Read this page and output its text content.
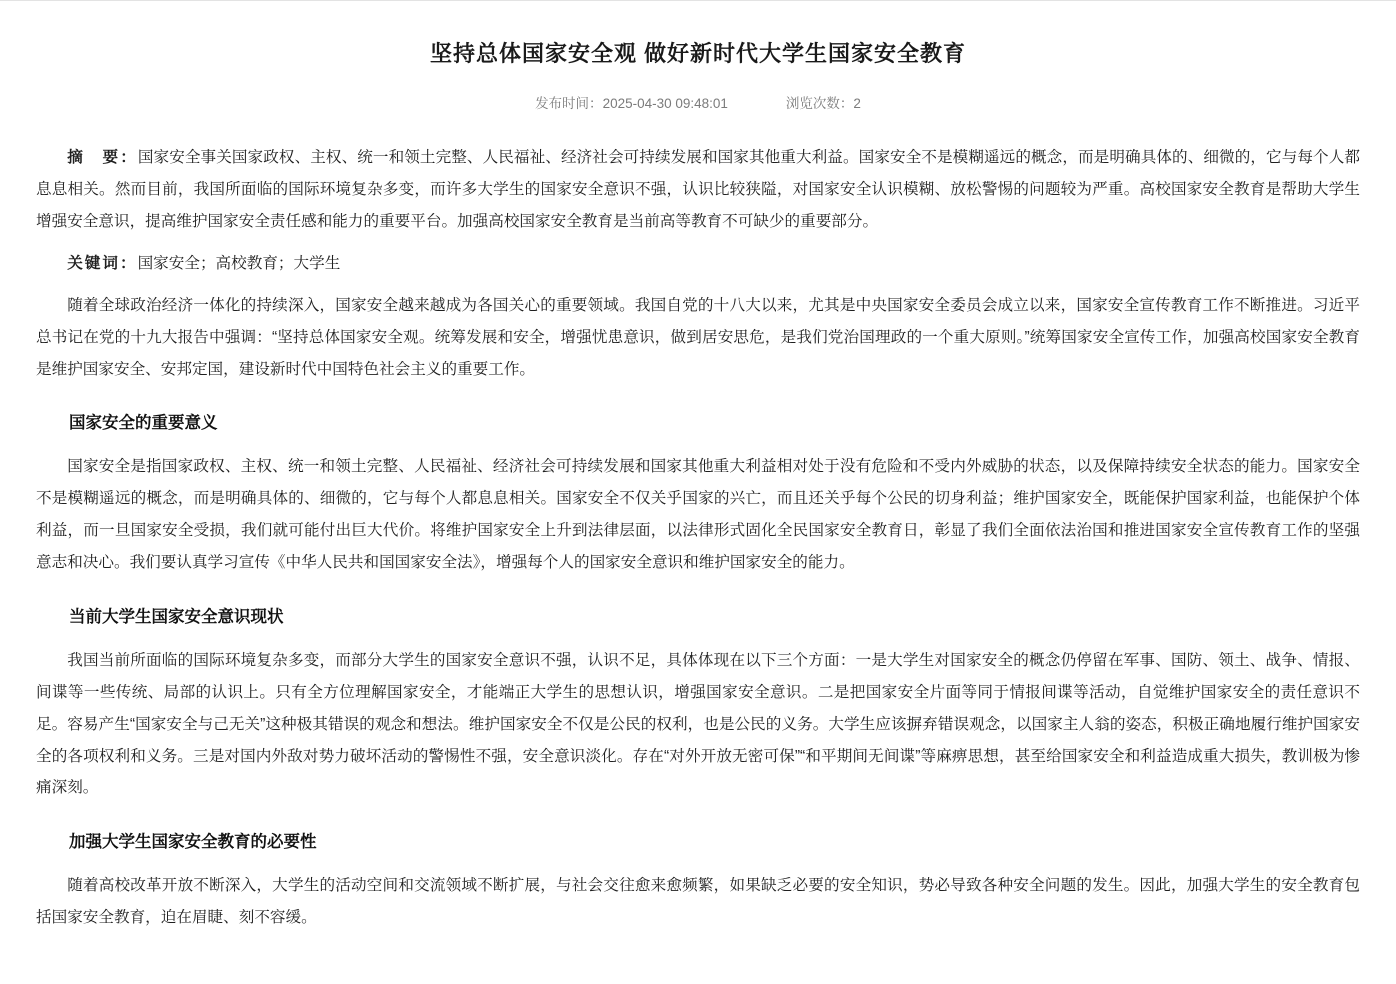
坚持总体国家安全观 做好新时代大学生国家安全教育
发布时间：2025-04-30 09:48:01	浏览次数：2

摘　要：国家安全事关国家政权、主权、统一和领土完整、人民福祉、经济社会可持续发展和国家其他重大利益。国家安全不是模糊遥远的概念，而是明确具体的、细微的，它与每个人都息息相关。然而目前，我国所面临的国际环境复杂多变，而许多大学生的国家安全意识不强，认识比较狭隘，对国家安全认识模糊、放松警惕的问题较为严重。高校国家安全教育是帮助大学生增强安全意识，提高维护国家安全责任感和能力的重要平台。加强高校国家安全教育是当前高等教育不可缺少的重要部分。

关键词：国家安全；高校教育；大学生

随着全球政治经济一体化的持续深入，国家安全越来越成为各国关心的重要领域。我国自党的十八大以来，尤其是中央国家安全委员会成立以来，国家安全宣传教育工作不断推进。习近平总书记在党的十九大报告中强调：“坚持总体国家安全观。统筹发展和安全，增强忧患意识，做到居安思危，是我们党治国理政的一个重大原则。”统筹国家安全宣传工作，加强高校国家安全教育是维护国家安全、安邦定国，建设新时代中国特色社会主义的重要工作。

国家安全的重要意义

国家安全是指国家政权、主权、统一和领土完整、人民福祉、经济社会可持续发展和国家其他重大利益相对处于没有危险和不受内外威胁的状态，以及保障持续安全状态的能力。国家安全不是模糊遥远的概念，而是明确具体的、细微的，它与每个人都息息相关。国家安全不仅关乎国家的兴亡，而且还关乎每个公民的切身利益；维护国家安全，既能保护国家利益，也能保护个体利益，而一旦国家安全受损，我们就可能付出巨大代价。将维护国家安全上升到法律层面，以法律形式固化全民国家安全教育日，彰显了我们全面依法治国和推进国家安全宣传教育工作的坚强意志和决心。我们要认真学习宣传《中华人民共和国国家安全法》，增强每个人的国家安全意识和维护国家安全的能力。

当前大学生国家安全意识现状

我国当前所面临的国际环境复杂多变，而部分大学生的国家安全意识不强，认识不足，具体体现在以下三个方面：一是大学生对国家安全的概念仍停留在军事、国防、领土、战争、情报、间谍等一些传统、局部的认识上。只有全方位理解国家安全，才能端正大学生的思想认识，增强国家安全意识。二是把国家安全片面等同于情报间谍等活动，自觉维护国家安全的责任意识不足。容易产生“国家安全与己无关”这种极其错误的观念和想法。维护国家安全不仅是公民的权利，也是公民的义务。大学生应该摒弃错误观念，以国家主人翁的姿态，积极正确地履行维护国家安全的各项权利和义务。三是对国内外敌对势力破坏活动的警惕性不强，安全意识淡化。存在“对外开放无密可保”“和平期间无间谍”等麻痹思想，甚至给国家安全和利益造成重大损失，教训极为惨痛深刻。

加强大学生国家安全教育的必要性

随着高校改革开放不断深入，大学生的活动空间和交流领域不断扩展，与社会交往愈来愈频繁，如果缺乏必要的安全知识，势必导致各种安全问题的发生。因此，加强大学生的安全教育包括国家安全教育，迫在眉睫、刻不容缓。
